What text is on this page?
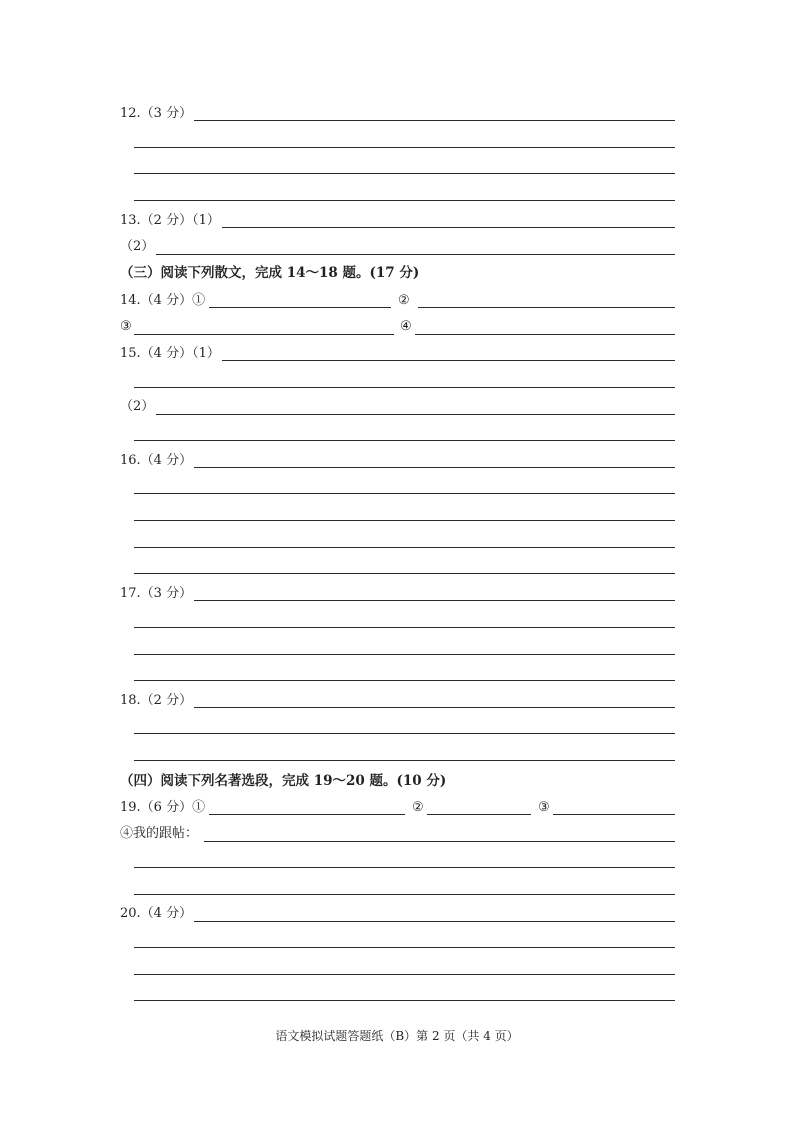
12.（3 分）
13.（2 分）（1）
（2）
（三）阅读下列散文，完成 14～18 题。(17 分)
14.（4 分）①	②
③	④
15.（4 分）（1）
（2）
16.（4 分）
17.（3 分）
18.（2 分）
（四）阅读下列名著选段，完成 19～20 题。(10 分)
19.（6 分）①	②	③
④我的跟帖：
20.（4 分）
语文模拟试题答题纸（B）第 2 页（共 4 页）
